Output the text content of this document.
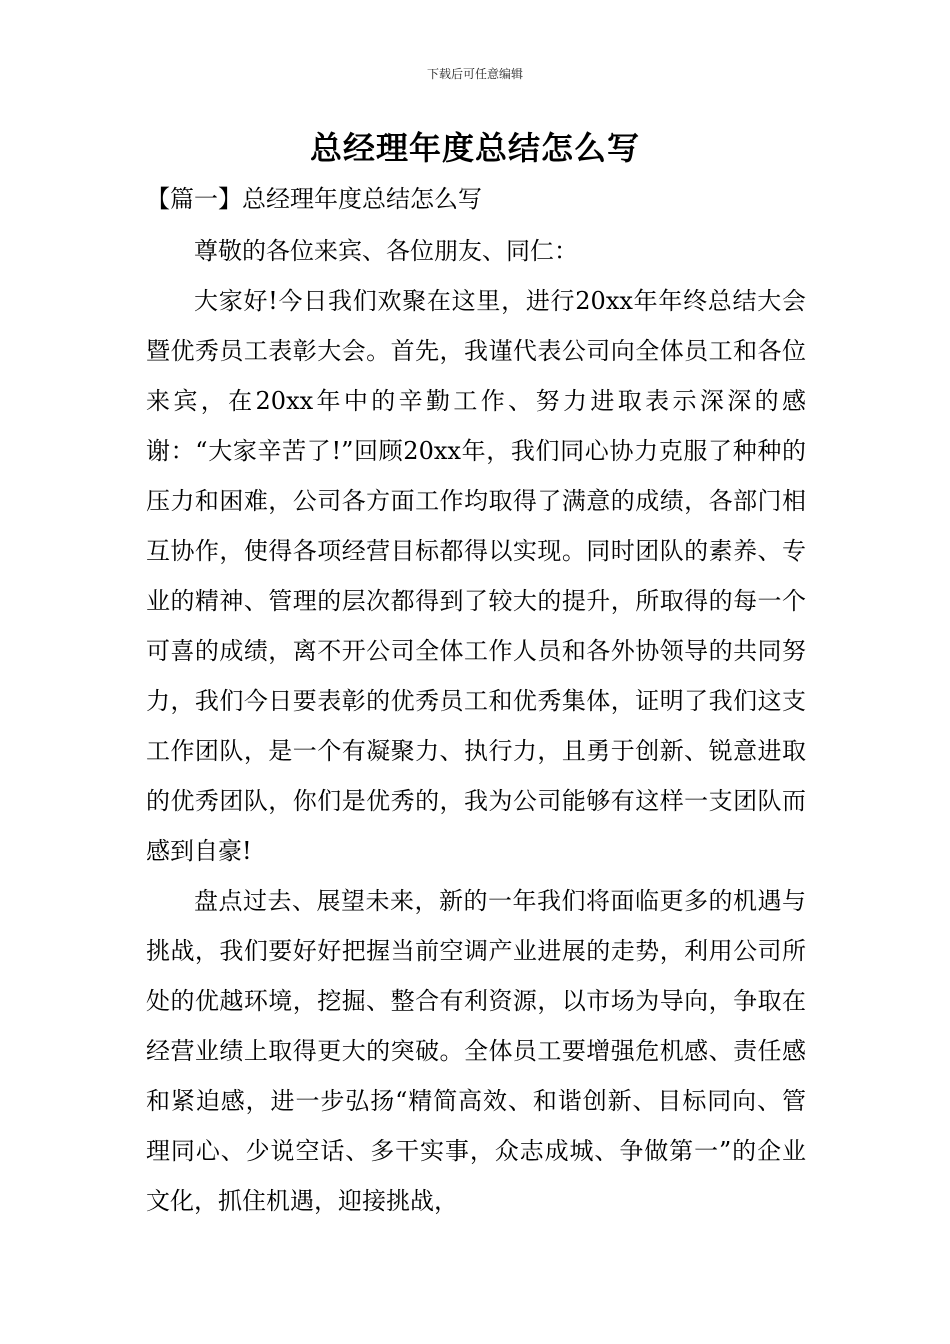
下载后可任意编辑
总经理年度总结怎么写
【篇一】总经理年度总结怎么写

尊敬的各位来宾、各位朋友、同仁：

大家好!今日我们欢聚在这里，进行20xx年年终总结大会暨优秀员工表彰大会。首先，我谨代表公司向全体员工和各位来宾，在20xx年中的辛勤工作、努力进取表示深深的感谢：“大家辛苦了!”回顾20xx年，我们同心协力克服了种种的压力和困难，公司各方面工作均取得了满意的成绩，各部门相互协作，使得各项经营目标都得以实现。同时团队的素养、专业的精神、管理的层次都得到了较大的提升，所取得的每一个可喜的成绩，离不开公司全体工作人员和各外协领导的共同努力，我们今日要表彰的优秀员工和优秀集体，证明了我们这支工作团队，是一个有凝聚力、执行力，且勇于创新、锐意进取的优秀团队，你们是优秀的，我为公司能够有这样一支团队而感到自豪!

盘点过去、展望未来，新的一年我们将面临更多的机遇与挑战，我们要好好把握当前空调产业进展的走势，利用公司所处的优越环境，挖掘、整合有利资源，以市场为导向，争取在经营业绩上取得更大的突破。全体员工要增强危机感、责任感和紧迫感，进一步弘扬“精简高效、和谐创新、目标同向、管理同心、少说空话、多干实事，众志成城、争做第一”的企业文化，抓住机遇，迎接挑战，
